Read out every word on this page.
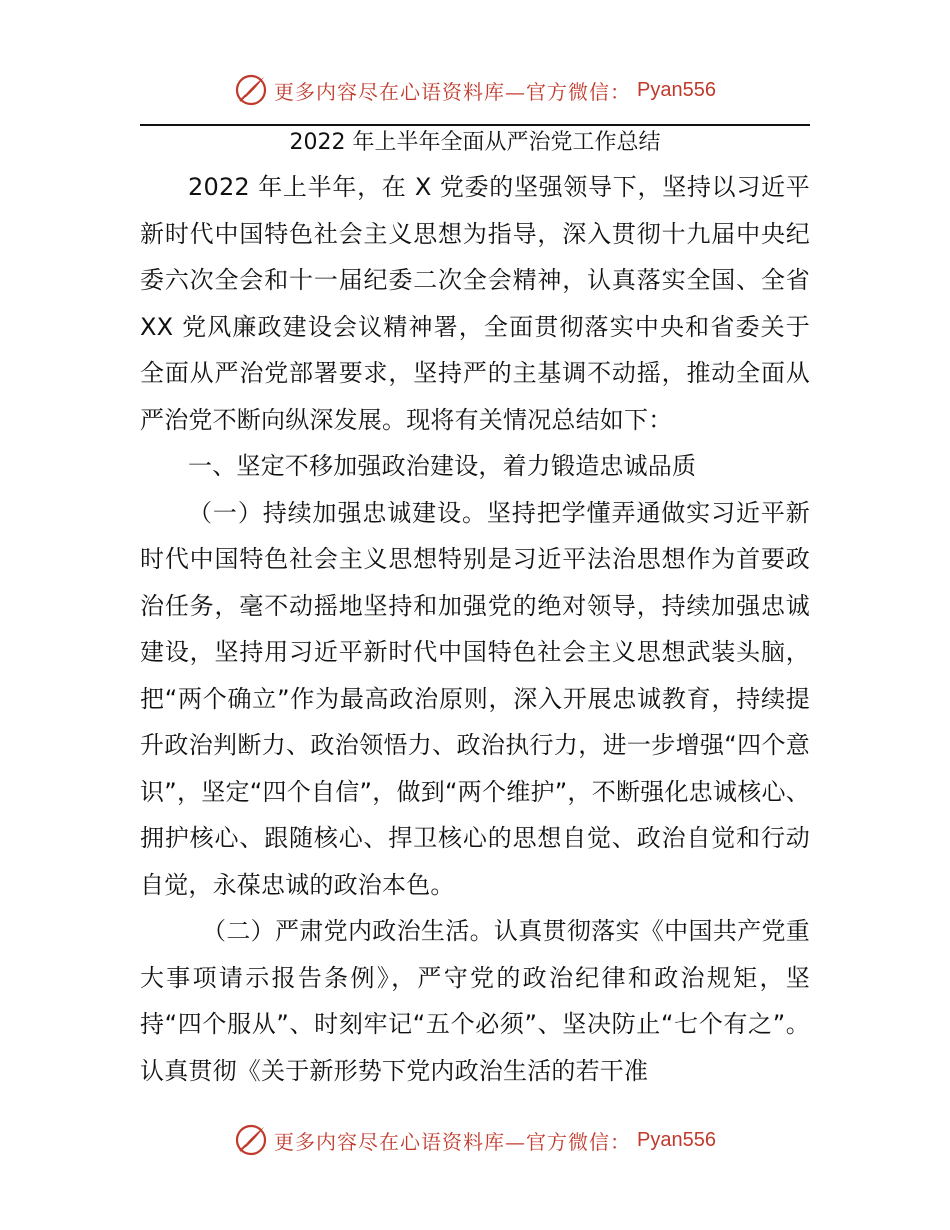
更多内容尽在心语资料库—官方微信： Pyan556
2022 年上半年全面从严治党工作总结

2022 年上半年，在 X 党委的坚强领导下，坚持以习近平新时代中国特色社会主义思想为指导，深入贯彻十九届中央纪委六次全会和十一届纪委二次全会精神，认真落实全国、全省 XX 党风廉政建设会议精神署，全面贯彻落实中央和省委关于全面从严治党部署要求，坚持严的主基调不动摇，推动全面从严治党不断向纵深发展。现将有关情况总结如下：

一、坚定不移加强政治建设，着力锻造忠诚品质

（一）持续加强忠诚建设。坚持把学懂弄通做实习近平新时代中国特色社会主义思想特别是习近平法治思想作为首要政治任务，毫不动摇地坚持和加强党的绝对领导，持续加强忠诚建设，坚持用习近平新时代中国特色社会主义思想武装头脑，把“两个确立”作为最高政治原则，深入开展忠诚教育，持续提升政治判断力、政治领悟力、政治执行力，进一步增强“四个意识”，坚定“四个自信”，做到“两个维护”，不断强化忠诚核心、拥护核心、跟随核心、捍卫核心的思想自觉、政治自觉和行动自觉，永葆忠诚的政治本色。

（二）严肃党内政治生活。认真贯彻落实《中国共产党重大事项请示报告条例》，严守党的政治纪律和政治规矩，坚持“四个服从”、时刻牢记“五个必须”、坚决防止“七个有之”。认真贯彻《关于新形势下党内政治生活的若干准

更多内容尽在心语资料库—官方微信： Pyan556
